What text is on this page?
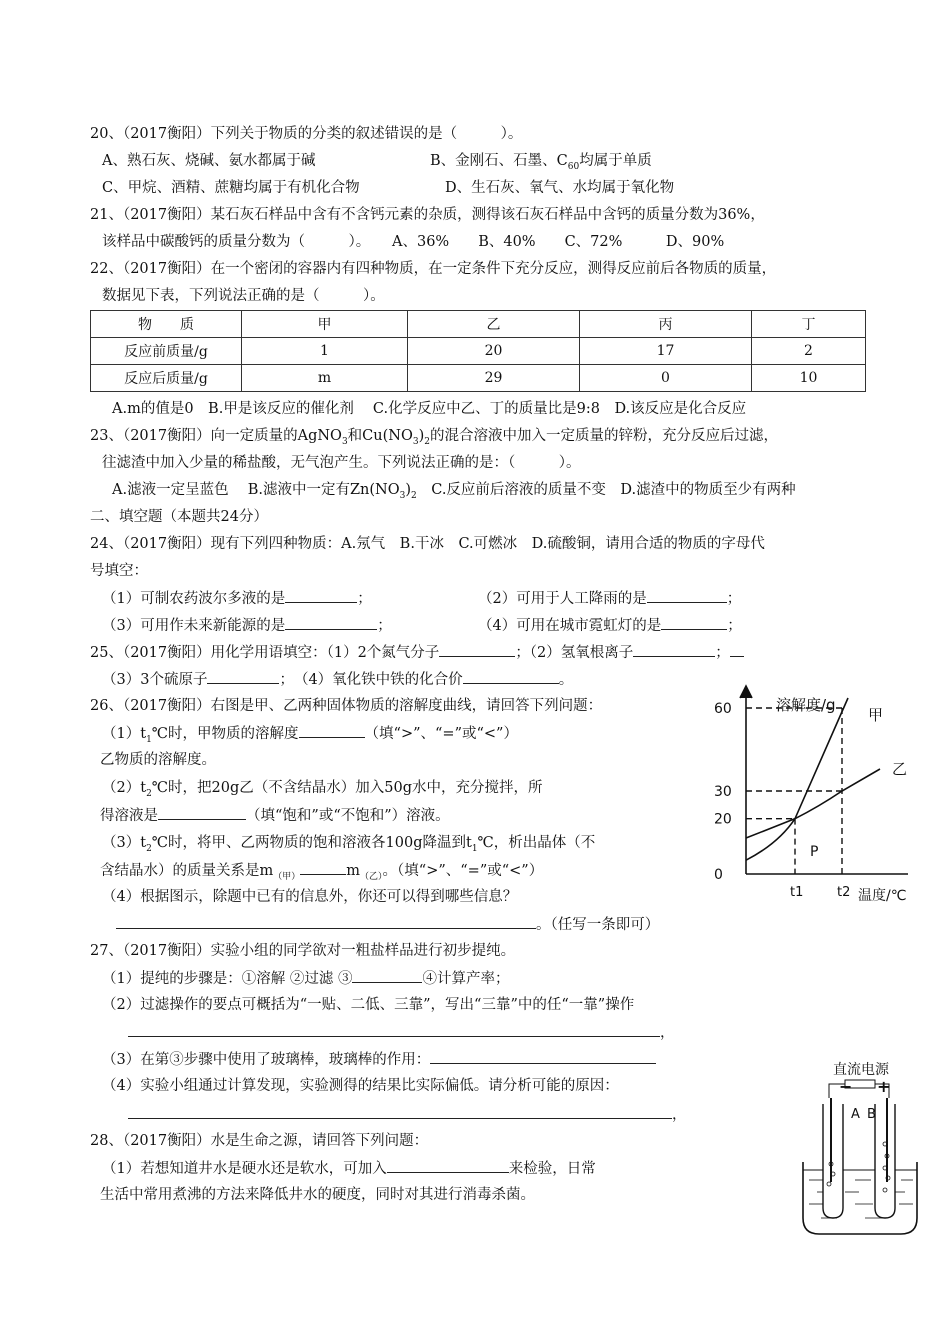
20、（2017衡阳）下列关于物质的分类的叙述错误的是（　　　）。
A、熟石灰、烧碱、氨水都属于碱	B、金刚石、石墨、$C_{60}$均属于单质
C、甲烷、酒精、蔗糖均属于有机化合物	D、生石灰、氧气、水均属于氧化物
21、（2017衡阳）某石灰石样品中含有不含钙元素的杂质，测得该石灰石样品中含钙的质量分数为36%，
该样品中碳酸钙的质量分数为（　　　）。　　A、36%　　B、40%　　C、72%　　　D、90%
22、（2017衡阳）在一个密闭的容器内有四种物质，在一定条件下充分反应，测得反应前后各物质的质量，
数据见下表，下列说法正确的是（　　　）。
物　　质	甲	乙	丙	丁
反应前质量/g	1	20	17	2
反应后质量/g	m	29	0	10
A.m的值是0　B.甲是该反应的催化剂　 C.化学反应中乙、丁的质量比是9:8　D.该反应是化合反应
23、（2017衡阳）向一定质量的AgNO$_3$和$Cu(NO_3)_2$的混合溶液中加入一定质量的锌粉，充分反应后过滤，
往滤渣中加入少量的稀盐酸，无气泡产生。下列说法正确的是：（　　　）。
A.滤液一定呈蓝色　 B.滤液中一定有$Zn(NO_3)_2$　 C.反应前后溶液的质量不变　D.滤渣中的物质至少有两种
二、填空题（本题共24分）
24、（2017衡阳）现有下列四种物质：A.氖气　B.干冰　C.可燃冰　D.硫酸铜，请用合适的物质的字母代
号填空：
（1）可制农药波尔多液的是	；	（2）可用于人工降雨的是	；
（3）可用作未来新能源的是	；	（4）可用在城市霓虹灯的是	；
25、（2017衡阳）用化学用语填空：（1）2个氮气分子	；（2）氢氧根离子	；
（3）3个硫原子	；　（4）氧化铁中铁的化合价	。
26、（2017衡阳）右图是甲、乙两种固体物质的溶解度曲线，请回答下列问题：
$(1)t_1℃$时，甲物质的溶解度	（填“>”、“=”或“<”）
乙物质的溶解度。
$(2)t_2℃$时，把20g乙（不含结晶水）加入50g水中，充分搅拌，所
得溶液是	（填“饱和”或“不饱和”）溶液。
$(3)t_2℃$时，将甲、乙两物质的饱和溶液各100g降温到$t_1℃$，析出晶体（不
含结晶水）的质量关系是$m_{(甲)}$	$m_{(乙)}$。（填“>”、“=”或“<”）
（4）根据图示，除题中已有的信息外，你还可以得到哪些信息？
。（任写一条即可）
溶解度/g
温度/℃
60
30
20
0
甲
乙
P
t1	t2
27、（2017衡阳）实验小组的同学欲对一粗盐样品进行初步提纯。
（1）提纯的步骤是：①溶解 ②过滤 ③	④计算产率；
（2）过滤操作的要点可概括为“一贴、二低、三靠”，写出“三靠”中的任“一靠”操作
，
（3）在第③步骤中使用了玻璃棒，玻璃棒的作用：
（4）实验小组通过计算发现，实验测得的结果比实际偏低。请分析可能的原因：
，
28、（2017衡阳）水是生命之源，请回答下列问题：
（1）若想知道井水是硬水还是软水，可加入	来检验，日常
生活中常用煮沸的方法来降低井水的硬度，同时对其进行消毒杀菌。
直流电源
− +
A B
